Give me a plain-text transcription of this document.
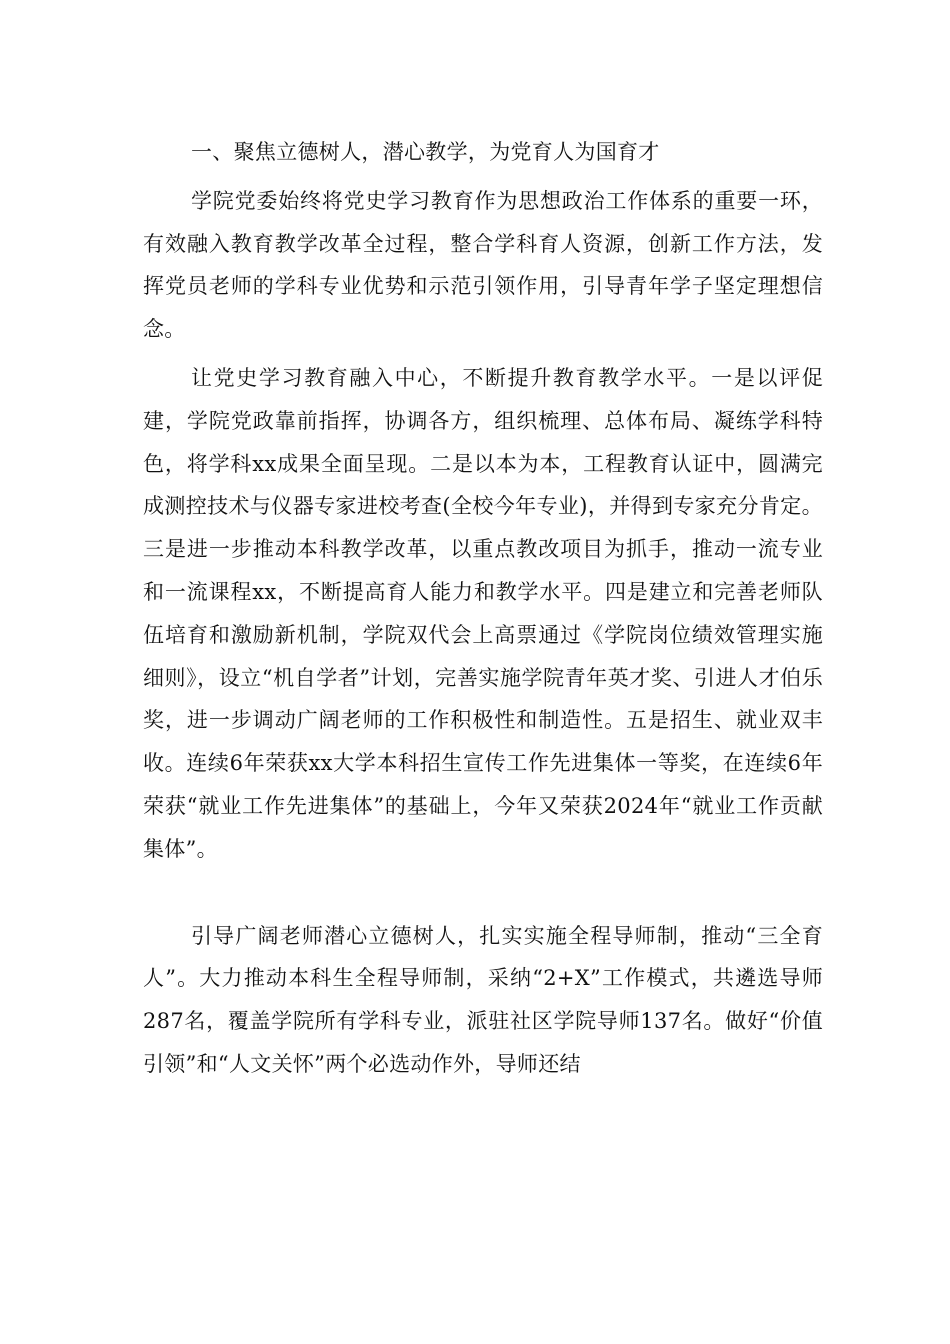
一、聚焦立德树人，潜心教学，为党育人为国育才

学院党委始终将党史学习教育作为思想政治工作体系的重要一环，有效融入教育教学改革全过程，整合学科育人资源，创新工作方法，发挥党员老师的学科专业优势和示范引领作用，引导青年学子坚定理想信念。

让党史学习教育融入中心，不断提升教育教学水平。一是以评促建，学院党政靠前指挥，协调各方，组织梳理、总体布局、凝练学科特色，将学科xx成果全面呈现。二是以本为本，工程教育认证中，圆满完成测控技术与仪器专家进校考查(全校今年专业)，并得到专家充分肯定。三是进一步推动本科教学改革，以重点教改项目为抓手，推动一流专业和一流课程xx，不断提高育人能力和教学水平。四是建立和完善老师队伍培育和激励新机制，学院双代会上高票通过《学院岗位绩效管理实施细则》，设立“机自学者”计划，完善实施学院青年英才奖、引进人才伯乐奖，进一步调动广阔老师的工作积极性和制造性。五是招生、就业双丰收。连续6年荣获xx大学本科招生宣传工作先进集体一等奖，在连续6年荣获“就业工作先进集体”的基础上，今年又荣获2024年“就业工作贡献集体”。

引导广阔老师潜心立德树人，扎实实施全程导师制，推动“三全育人”。大力推动本科生全程导师制，采纳“2+X”工作模式，共遴选导师287名，覆盖学院所有学科专业，派驻社区学院导师137名。做好“价值引领”和“人文关怀”两个必选动作外，导师还结
